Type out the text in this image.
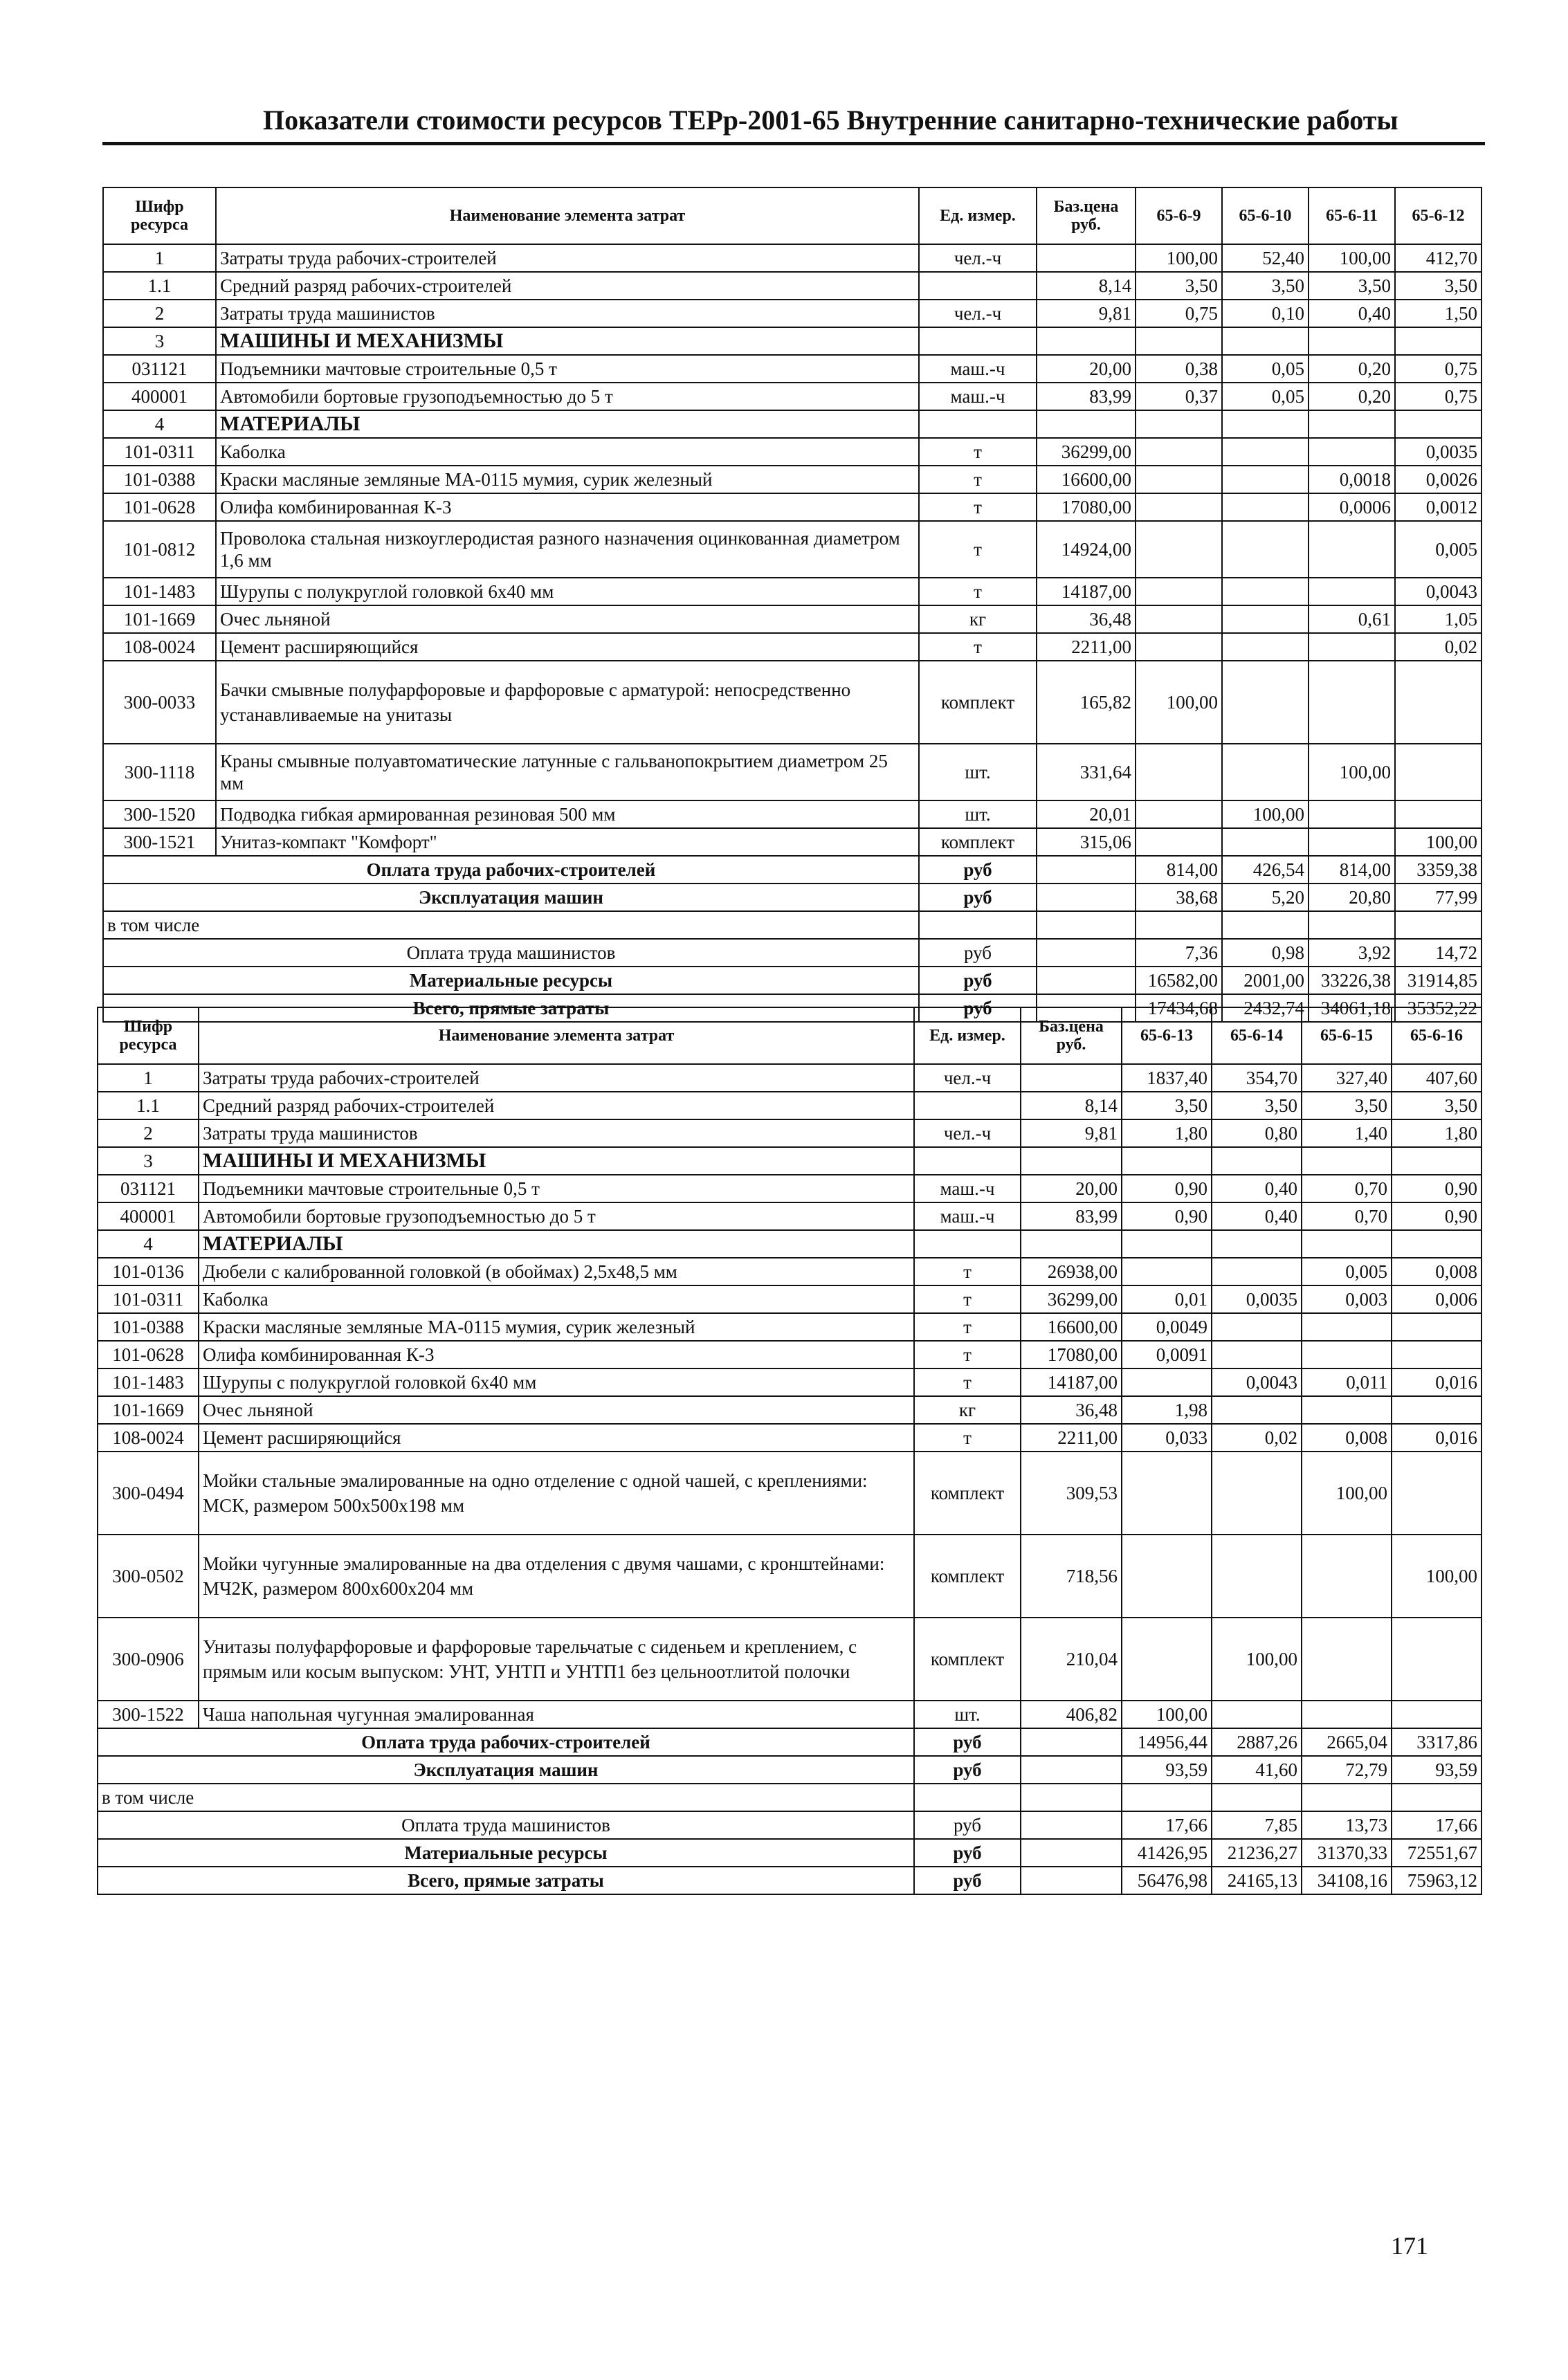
Показатели стоимости ресурсов ТЕРр-2001-65 Внутренние санитарно-технические работы
Шифр ресурса	Наименование элемента затрат	Ед. измер.	Баз.цена руб.	65-6-9	65-6-10	65-6-11	65-6-12
1	Затраты труда рабочих-строителей	чел.-ч		100,00	52,40	100,00	412,70
1.1	Средний разряд рабочих-строителей		8,14	3,50	3,50	3,50	3,50
2	Затраты труда машинистов	чел.-ч	9,81	0,75	0,10	0,40	1,50
3	МАШИНЫ И МЕХАНИЗМЫ						
031121	Подъемники мачтовые строительные 0,5 т	маш.-ч	20,00	0,38	0,05	0,20	0,75
400001	Автомобили бортовые грузоподъемностью до 5 т	маш.-ч	83,99	0,37	0,05	0,20	0,75
4	МАТЕРИАЛЫ						
101-0311	Каболка	т	36299,00				0,0035
101-0388	Краски масляные земляные МА-0115 мумия, сурик железный	т	16600,00			0,0018	0,0026
101-0628	Олифа комбинированная К-3	т	17080,00			0,0006	0,0012
101-0812	Проволока стальная низкоуглеродистая разного назначения оцинкованная диаметром 1,6 мм	т	14924,00				0,005
101-1483	Шурупы с полукруглой головкой 6х40 мм	т	14187,00				0,0043
101-1669	Очес льняной	кг	36,48			0,61	1,05
108-0024	Цемент расширяющийся	т	2211,00				0,02
300-0033	Бачки смывные полуфарфоровые и фарфоровые с арматурой: непосредственно устанавливаемые на унитазы	комплект	165,82	100,00			
300-1118	Краны смывные полуавтоматические латунные с гальванопокрытием диаметром 25 мм	шт.	331,64			100,00	
300-1520	Подводка гибкая армированная резиновая 500 мм	шт.	20,01		100,00		
300-1521	Унитаз-компакт "Комфорт"	комплект	315,06				100,00
Оплата труда рабочих-строителей		руб		814,00	426,54	814,00	3359,38
Эксплуатация машин		руб		38,68	5,20	20,80	77,99
в том числе							
Оплата труда машинистов		руб		7,36	0,98	3,92	14,72
Материальные ресурсы		руб		16582,00	2001,00	33226,38	31914,85
Всего, прямые затраты		руб		17434,68	2432,74	34061,18	35352,22
Шифр ресурса	Наименование элемента затрат	Ед. измер.	Баз.цена руб.	65-6-13	65-6-14	65-6-15	65-6-16
1	Затраты труда рабочих-строителей	чел.-ч		1837,40	354,70	327,40	407,60
1.1	Средний разряд рабочих-строителей		8,14	3,50	3,50	3,50	3,50
2	Затраты труда машинистов	чел.-ч	9,81	1,80	0,80	1,40	1,80
3	МАШИНЫ И МЕХАНИЗМЫ						
031121	Подъемники мачтовые строительные 0,5 т	маш.-ч	20,00	0,90	0,40	0,70	0,90
400001	Автомобили бортовые грузоподъемностью до 5 т	маш.-ч	83,99	0,90	0,40	0,70	0,90
4	МАТЕРИАЛЫ						
101-0136	Дюбели с калиброванной головкой (в обоймах) 2,5х48,5 мм	т	26938,00			0,005	0,008
101-0311	Каболка	т	36299,00	0,01	0,0035	0,003	0,006
101-0388	Краски масляные земляные МА-0115 мумия, сурик железный	т	16600,00	0,0049			
101-0628	Олифа комбинированная К-3	т	17080,00	0,0091			
101-1483	Шурупы с полукруглой головкой 6х40 мм	т	14187,00		0,0043	0,011	0,016
101-1669	Очес льняной	кг	36,48	1,98			
108-0024	Цемент расширяющийся	т	2211,00	0,033	0,02	0,008	0,016
300-0494	Мойки стальные эмалированные на одно отделение с одной чашей, с креплениями: МСК, размером 500х500х198 мм	комплект	309,53			100,00	
300-0502	Мойки чугунные эмалированные на два отделения с двумя чашами, с кронштейнами: МЧ2К, размером 800х600х204 мм	комплект	718,56				100,00
300-0906	Унитазы полуфарфоровые и фарфоровые тарельчатые с сиденьем и креплением, с прямым или косым выпуском: УНТ, УНТП и УНТП1 без цельноотлитой полочки	комплект	210,04		100,00		
300-1522	Чаша напольная чугунная эмалированная	шт.	406,82	100,00			
Оплата труда рабочих-строителей		руб		14956,44	2887,26	2665,04	3317,86
Эксплуатация машин		руб		93,59	41,60	72,79	93,59
в том числе							
Оплата труда машинистов		руб		17,66	7,85	13,73	17,66
Материальные ресурсы		руб		41426,95	21236,27	31370,33	72551,67
Всего, прямые затраты		руб		56476,98	24165,13	34108,16	75963,12
171
